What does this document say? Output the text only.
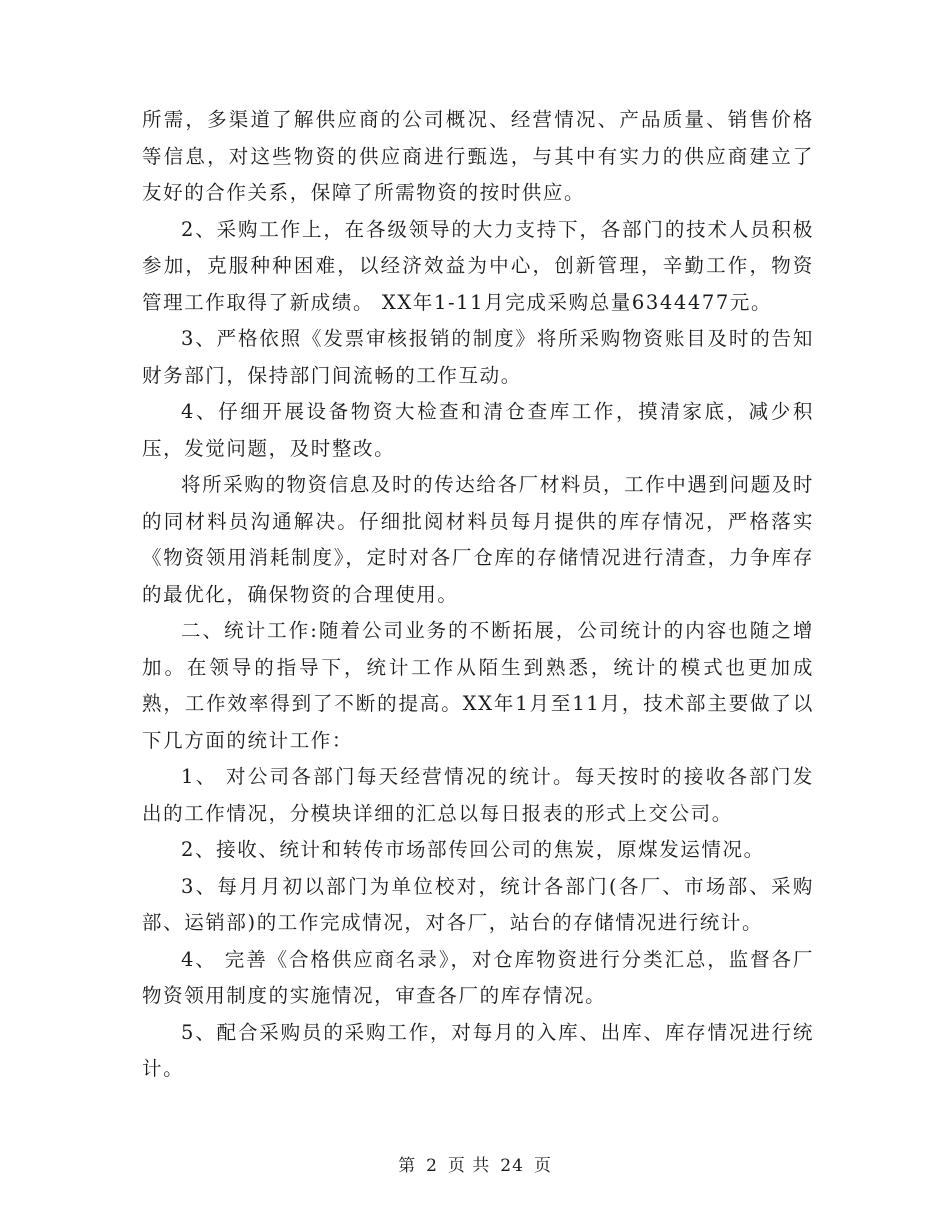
所需，多渠道了解供应商的公司概况、经营情况、产品质量、销售价格等信息，对这些物资的供应商进行甄选，与其中有实力的供应商建立了友好的合作关系，保障了所需物资的按时供应。

2、采购工作上，在各级领导的大力支持下，各部门的技术人员积极参加，克服种种困难，以经济效益为中心，创新管理，辛勤工作，物资管理工作取得了新成绩。 XX年1-11月完成采购总量6344477元。

3、严格依照《发票审核报销的制度》将所采购物资账目及时的告知财务部门，保持部门间流畅的工作互动。

4、仔细开展设备物资大检查和清仓查库工作，摸清家底，减少积压，发觉问题，及时整改。

将所采购的物资信息及时的传达给各厂材料员，工作中遇到问题及时的同材料员沟通解决。仔细批阅材料员每月提供的库存情况，严格落实《物资领用消耗制度》，定时对各厂仓库的存储情况进行清查，力争库存的最优化，确保物资的合理使用。

二、统计工作:随着公司业务的不断拓展，公司统计的内容也随之增加。在领导的指导下，统计工作从陌生到熟悉，统计的模式也更加成熟，工作效率得到了不断的提高。XX年1月至11月，技术部主要做了以下几方面的统计工作：

1、 对公司各部门每天经营情况的统计。每天按时的接收各部门发出的工作情况，分模块详细的汇总以每日报表的形式上交公司。

2、接收、统计和转传市场部传回公司的焦炭，原煤发运情况。

3、每月月初以部门为单位校对，统计各部门(各厂、市场部、采购部、运销部)的工作完成情况，对各厂，站台的存储情况进行统计。

4、 完善《合格供应商名录》，对仓库物资进行分类汇总，监督各厂物资领用制度的实施情况，审查各厂的库存情况。

5、配合采购员的采购工作，对每月的入库、出库、库存情况进行统计。

第 2 页 共 24 页
